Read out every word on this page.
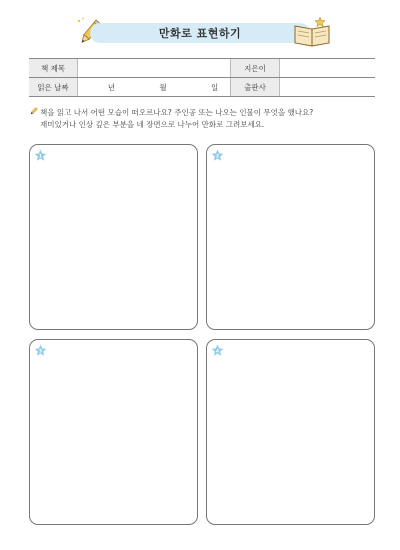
만화로 표현하기
책 제목		지은이	
읽은 날짜	년 월 일	출판사	
책을 읽고 나서 어떤 모습이 떠오르나요? 주인공 또는 나오는 인물이 무엇을 했나요?
재미있거나 인상 깊은 부분을 네 장면으로 나누어 만화로 그려보세요.
1	2
3	4
